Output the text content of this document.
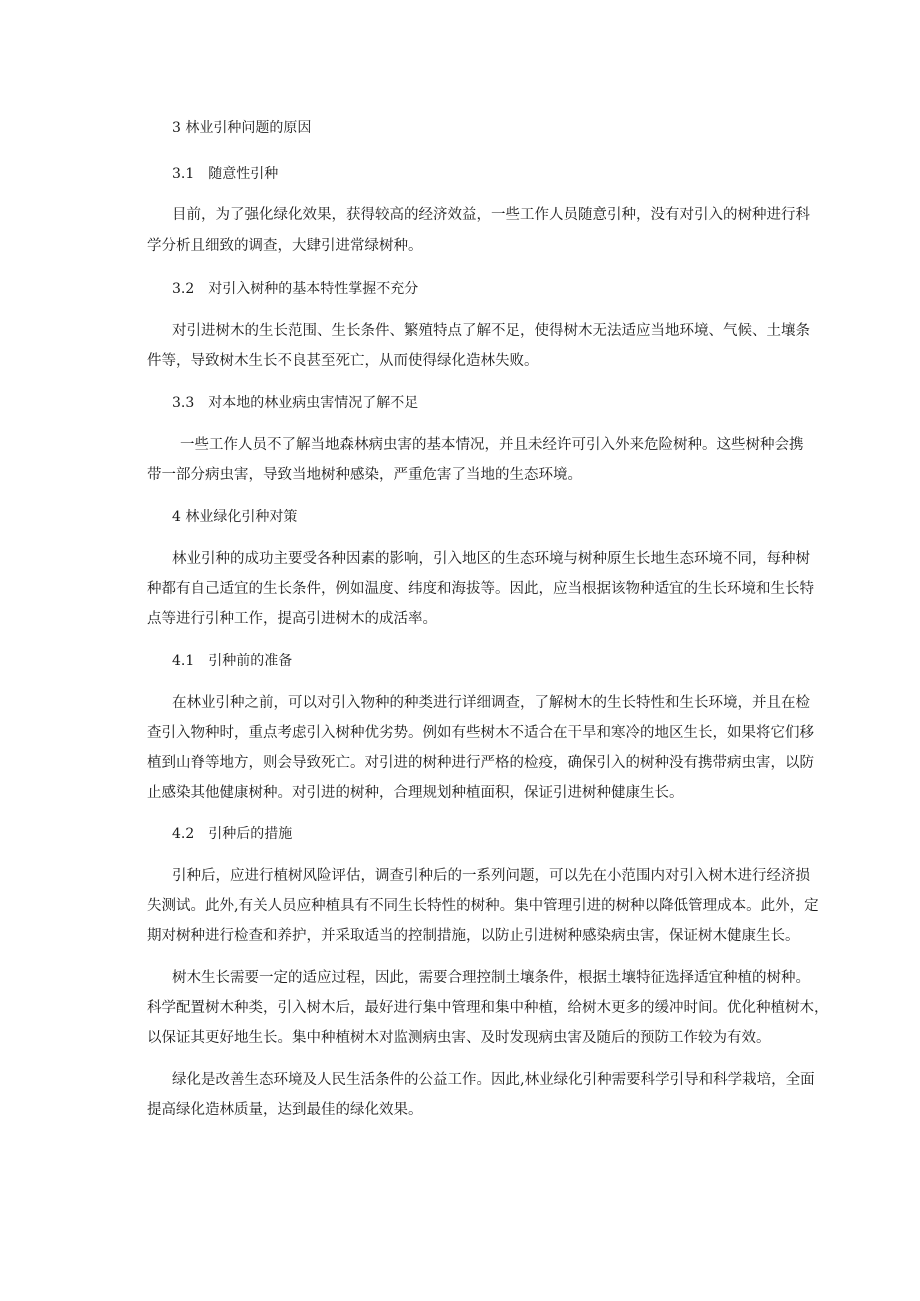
3 林业引种问题的原因
3.1　随意性引种
目前，为了强化绿化效果，获得较高的经济效益，一些工作人员随意引种，没有对引入的树种进行科
学分析且细致的调查，大肆引进常绿树种。
3.2　对引入树种的基本特性掌握不充分
对引进树木的生长范围、生长条件、繁殖特点了解不足，使得树木无法适应当地环境、气候、土壤条
件等，导致树木生长不良甚至死亡，从而使得绿化造林失败。
3.3　对本地的林业病虫害情况了解不足
一些工作人员不了解当地森林病虫害的基本情况，并且未经许可引入外来危险树种。这些树种会携
带一部分病虫害，导致当地树种感染，严重危害了当地的生态环境。
4 林业绿化引种对策
林业引种的成功主要受各种因素的影响，引入地区的生态环境与树种原生长地生态环境不同，每种树
种都有自己适宜的生长条件，例如温度、纬度和海拔等。因此，应当根据该物种适宜的生长环境和生长特
点等进行引种工作，提高引进树木的成活率。
4.1　引种前的准备
在林业引种之前，可以对引入物种的种类进行详细调查，了解树木的生长特性和生长环境，并且在检
查引入物种时，重点考虑引入树种优劣势。例如有些树木不适合在干旱和寒冷的地区生长，如果将它们移
植到山脊等地方，则会导致死亡。对引进的树种进行严格的检疫，确保引入的树种没有携带病虫害，以防
止感染其他健康树种。对引进的树种，合理规划种植面积，保证引进树种健康生长。
4.2　引种后的措施
引种后，应进行植树风险评估，调查引种后的一系列问题，可以先在小范围内对引入树木进行经济损
失测试。此外,有关人员应种植具有不同生长特性的树种。集中管理引进的树种以降低管理成本。此外，定
期对树种进行检查和养护，并采取适当的控制措施，以防止引进树种感染病虫害，保证树木健康生长。
树木生长需要一定的适应过程，因此，需要合理控制土壤条件，根据土壤特征选择适宜种植的树种。
科学配置树木种类，引入树木后，最好进行集中管理和集中种植，给树木更多的缓冲时间。优化种植树木，
以保证其更好地生长。集中种植树木对监测病虫害、及时发现病虫害及随后的预防工作较为有效。
绿化是改善生态环境及人民生活条件的公益工作。因此,林业绿化引种需要科学引导和科学栽培，全面
提高绿化造林质量，达到最佳的绿化效果。
